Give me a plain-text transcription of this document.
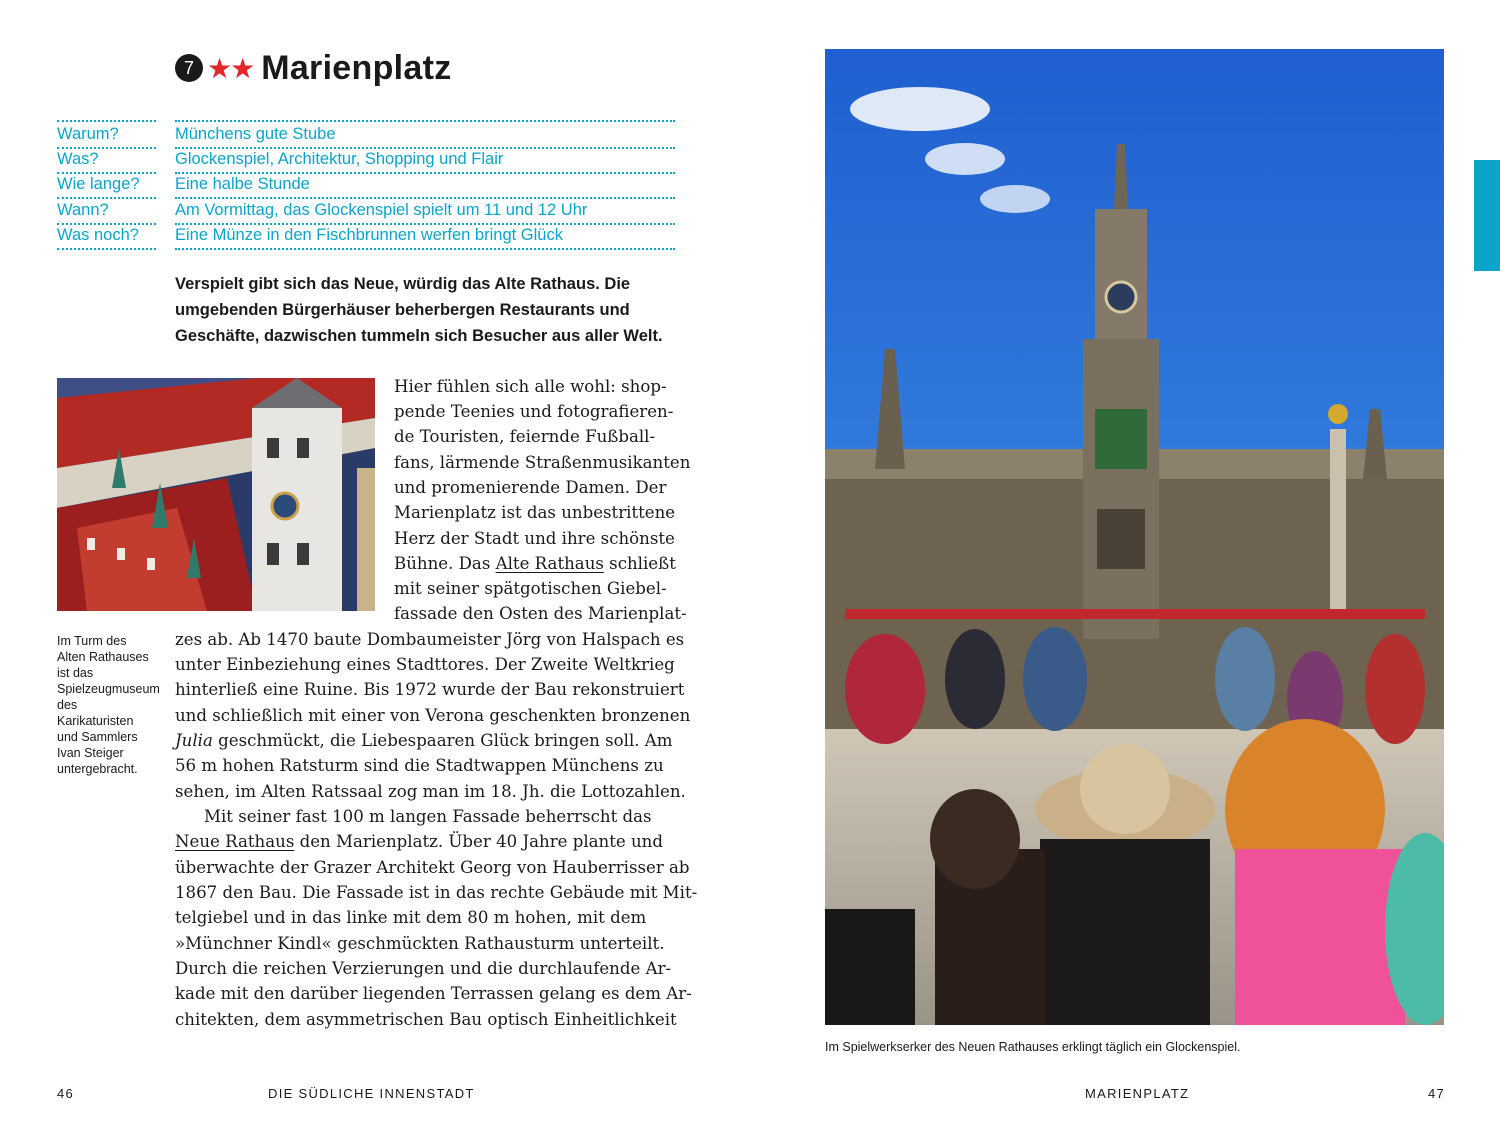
7 ★★ Marienplatz
Warum?	Münchens gute Stube
Was?	Glockenspiel, Architektur, Shopping und Flair
Wie lange?	Eine halbe Stunde
Wann?	Am Vormittag, das Glockenspiel spielt um 11 und 12 Uhr
Was noch?	Eine Münze in den Fischbrunnen werfen bringt Glück
Verspielt gibt sich das Neue, würdig das Alte Rathaus. Die umgebenden Bürgerhäuser beherbergen Restaurants und Geschäfte, dazwischen tummeln sich Besucher aus aller Welt.
Im Turm des Alten Rathauses ist das Spielzeugmuseum des Karikaturisten und Sammlers Ivan Steiger untergebracht.
Hier fühlen sich alle wohl: shop-
pende Teenies und fotografieren-
de Touristen, feiernde Fußball-
fans, lärmende Straßenmusikanten
und promenierende Damen. Der
Marienplatz ist das unbestrittene
Herz der Stadt und ihre schönste
Bühne. Das Alte Rathaus schließt
mit seiner spätgotischen Giebel-
fassade den Osten des Marienplat-
zes ab. Ab 1470 baute Dombaumeister Jörg von Halspach es
unter Einbeziehung eines Stadttores. Der Zweite Weltkrieg
hinterließ eine Ruine. Bis 1972 wurde der Bau rekonstruiert
und schließlich mit einer von Verona geschenkten bronzenen
Julia geschmückt, die Liebespaaren Glück bringen soll. Am
56 m hohen Ratsturm sind die Stadtwappen Münchens zu
sehen, im Alten Ratssaal zog man im 18. Jh. die Lottozahlen.
Mit seiner fast 100 m langen Fassade beherrscht das
Neue Rathaus den Marienplatz. Über 40 Jahre plante und
überwachte der Grazer Architekt Georg von Hauberrisser ab
1867 den Bau. Die Fassade ist in das rechte Gebäude mit Mit-
telgiebel und in das linke mit dem 80 m hohen, mit dem
»Münchner Kindl« geschmückten Rathausturm unterteilt.
Durch die reichen Verzierungen und die durchlaufende Ar-
kade mit den darüber liegenden Terrassen gelang es dem Ar-
chitekten, dem asymmetrischen Bau optisch Einheitlichkeit
Im Spielwerkserker des Neuen Rathauses erklingt täglich ein Glockenspiel.
46	DIE SÜDLICHE INNENSTADT	MARIENPLATZ	47
